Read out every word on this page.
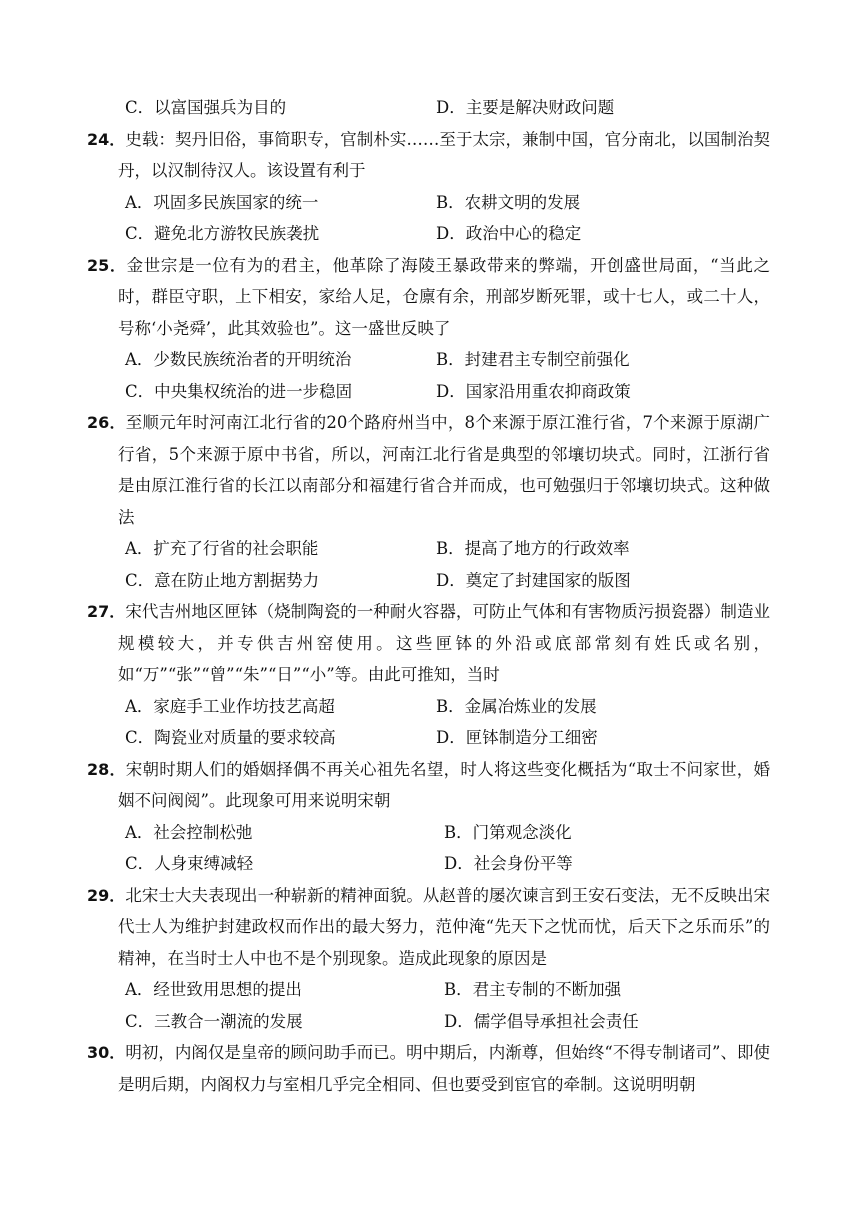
C．以富国强兵为目的	D．主要是解决财政问题
24．史载：契丹旧俗，事简职专，官制朴实……至于太宗，兼制中国，官分南北，以国制治契丹，以汉制待汉人。该设置有利于
A．巩固多民族国家的统一	B．农耕文明的发展
C．避免北方游牧民族袭扰	D．政治中心的稳定
25．金世宗是一位有为的君主，他革除了海陵王暴政带来的弊端，开创盛世局面，“当此之时，群臣守职，上下相安，家给人足，仓廪有余，刑部岁断死罪，或十七人，或二十人，号称‘小尧舜’，此其效验也”。这一盛世反映了
A．少数民族统治者的开明统治	B．封建君主专制空前强化
C．中央集权统治的进一步稳固	D．国家沿用重农抑商政策
26．至顺元年时河南江北行省的20个路府州当中，8个来源于原江淮行省，7个来源于原湖广行省，5个来源于原中书省，所以，河南江北行省是典型的邻壤切块式。同时，江浙行省是由原江淮行省的长江以南部分和福建行省合并而成，也可勉强归于邻壤切块式。这种做法
A．扩充了行省的社会职能	B．提高了地方的行政效率
C．意在防止地方割据势力	D．奠定了封建国家的版图
27．宋代吉州地区匣钵（烧制陶瓷的一种耐火容器，可防止气体和有害物质污损瓷器）制造业规模较大，并专供吉州窑使用。这些匣钵的外沿或底部常刻有姓氏或名别，如“万”“张”“曾”“朱”“日”“小”等。由此可推知，当时
A．家庭手工业作坊技艺高超	B．金属冶炼业的发展
C．陶瓷业对质量的要求较高	D．匣钵制造分工细密
28．宋朝时期人们的婚姻择偶不再关心祖先名望，时人将这些变化概括为“取士不问家世，婚姻不问阀阅”。此现象可用来说明宋朝
A．社会控制松弛	B．门第观念淡化
C．人身束缚减轻	D．社会身份平等
29．北宋士大夫表现出一种崭新的精神面貌。从赵普的屡次谏言到王安石变法，无不反映出宋代士人为维护封建政权而作出的最大努力，范仲淹“先天下之忧而忧，后天下之乐而乐”的精神，在当时士人中也不是个别现象。造成此现象的原因是
A．经世致用思想的提出	B．君主专制的不断加强
C．三教合一潮流的发展	D．儒学倡导承担社会责任
30．明初，内阁仅是皇帝的顾问助手而已。明中期后，内渐尊，但始终“不得专制诸司”、即使是明后期，内阁权力与室相几乎完全相同、但也要受到宦官的牵制。这说明明朝
